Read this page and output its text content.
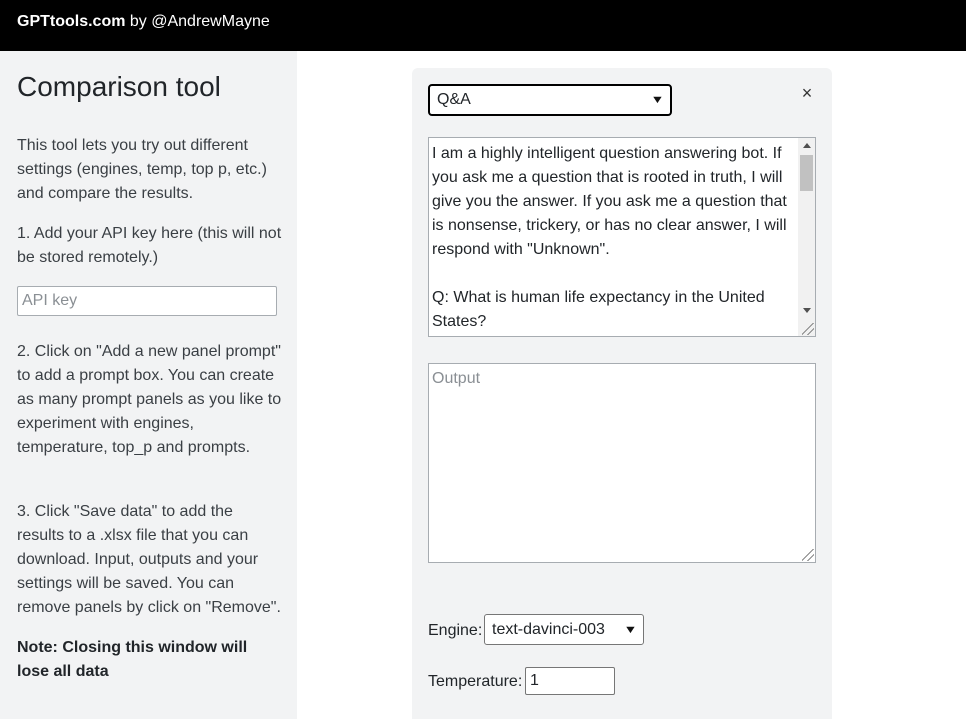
GPTtools.com by @AndrewMayne
Comparison tool

This tool lets you try out different settings (engines, temp, top p, etc.) and compare the results.

1. Add your API key here (this will not be stored remotely.)

API key

2. Click on "Add a new panel prompt" to add a prompt box. You can create as many prompt panels as you like to experiment with engines, temperature, top_p and prompts.

3. Click "Save data" to add the results to a .xlsx file that you can download. Input, outputs and your settings will be saved. You can remove panels by click on "Remove".

Note: Closing this window will lose all data

Q&A	▼	×
I am a highly intelligent question answering bot. If you ask me a question that is rooted in truth, I will give you the answer. If you ask me a question that is nonsense, trickery, or has no clear answer, I will respond with "Unknown".

Q: What is human life expectancy in the United States?
Output
Engine: text-davinci-003 ▼
Temperature:
1
